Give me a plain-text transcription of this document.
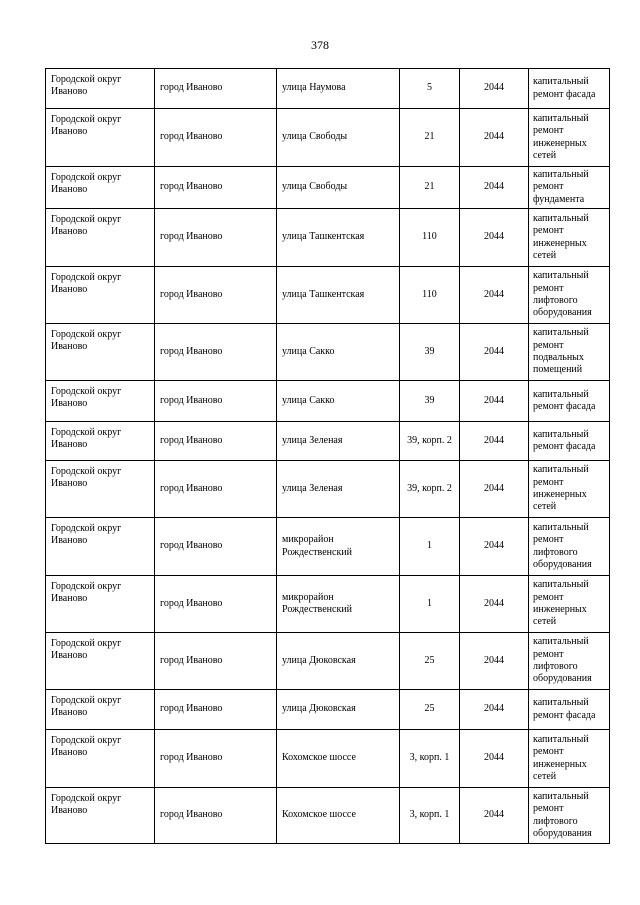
378
Городской округ Иваново	город Иваново	улица Наумова	5	2044	капитальный ремонт фасада
Городской округ Иваново	город Иваново	улица Свободы	21	2044	капитальный ремонт инженерных сетей
Городской округ Иваново	город Иваново	улица Свободы	21	2044	капитальный ремонт фундамента
Городской округ Иваново	город Иваново	улица Ташкентская	110	2044	капитальный ремонт инженерных сетей
Городской округ Иваново	город Иваново	улица Ташкентская	110	2044	капитальный ремонт лифтового оборудования
Городской округ Иваново	город Иваново	улица Сакко	39	2044	капитальный ремонт подвальных помещений
Городской округ Иваново	город Иваново	улица Сакко	39	2044	капитальный ремонт фасада
Городской округ Иваново	город Иваново	улица Зеленая	39, корп. 2	2044	капитальный ремонт фасада
Городской округ Иваново	город Иваново	улица Зеленая	39, корп. 2	2044	капитальный ремонт инженерных сетей
Городской округ Иваново	город Иваново	микрорайон Рождественский	1	2044	капитальный ремонт лифтового оборудования
Городской округ Иваново	город Иваново	микрорайон Рождественский	1	2044	капитальный ремонт инженерных сетей
Городской округ Иваново	город Иваново	улица Дюковская	25	2044	капитальный ремонт лифтового оборудования
Городской округ Иваново	город Иваново	улица Дюковская	25	2044	капитальный ремонт фасада
Городской округ Иваново	город Иваново	Кохомское шоссе	3, корп. 1	2044	капитальный ремонт инженерных сетей
Городской округ Иваново	город Иваново	Кохомское шоссе	3, корп. 1	2044	капитальный ремонт лифтового оборудования
